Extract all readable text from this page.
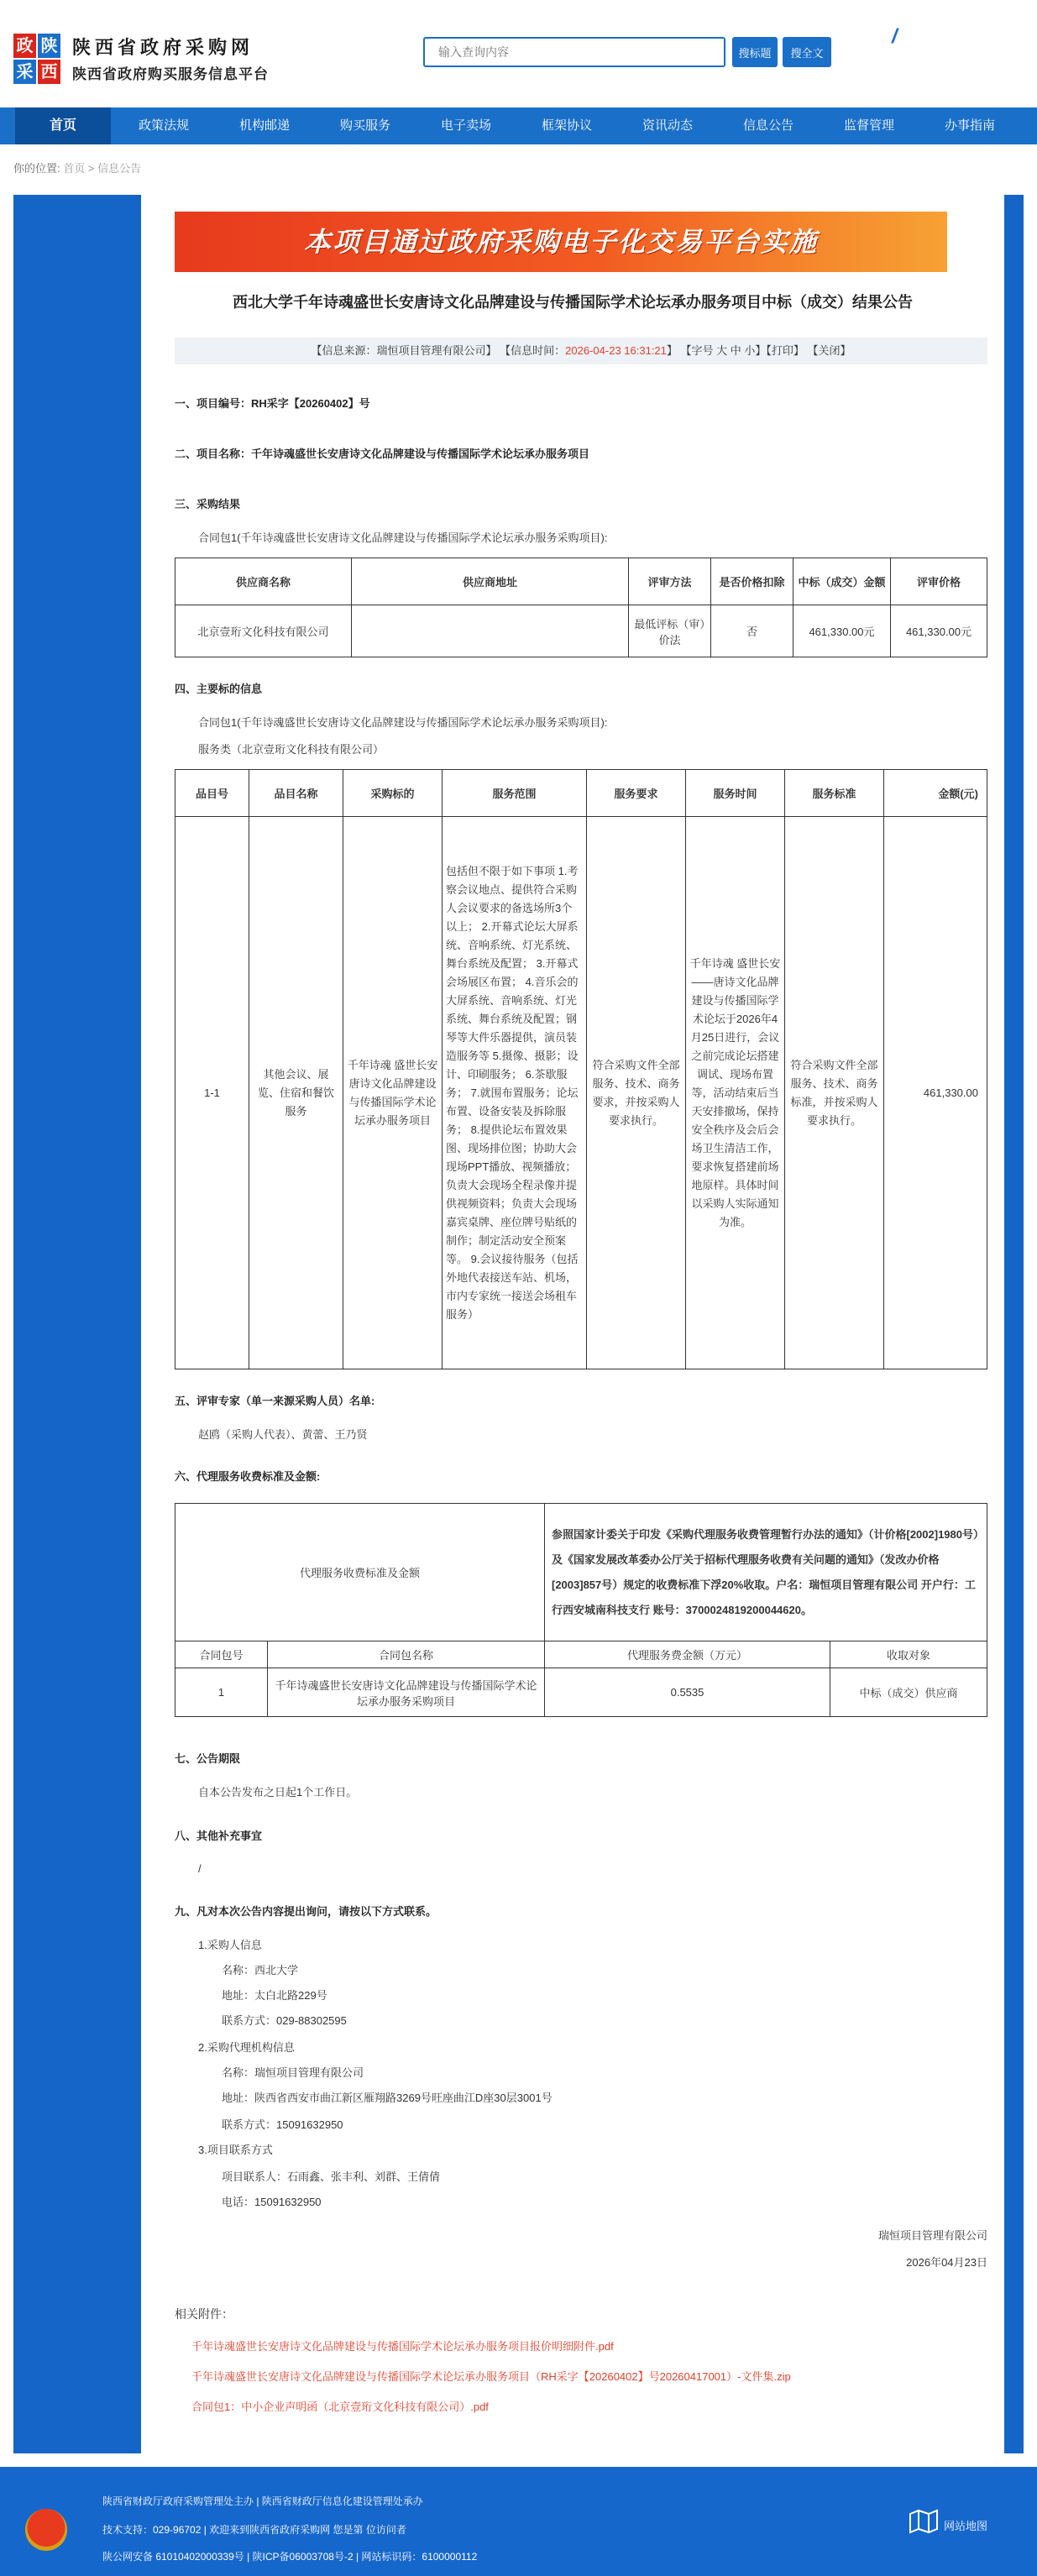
政 陕
采 西
陕西省政府采购网
陕西省政府购买服务信息平台
输入查询内容
搜标题	搜全文
/
首页	政策法规	机构邮递	购买服务	电子卖场	框架协议	资讯动态	信息公告	监督管理	办事指南
你的位置: 首页 > 信息公告
本项目通过政府采购电子化交易平台实施
西北大学千年诗魂盛世长安唐诗文化品牌建设与传播国际学术论坛承办服务项目中标（成交）结果公告
【信息来源：瑞恒项目管理有限公司】 【信息时间：2026-04-23 16:31:21】 【字号 大 中 小】【打印】 【关闭】
一、项目编号：RH采字【20260402】号
二、项目名称：千年诗魂盛世长安唐诗文化品牌建设与传播国际学术论坛承办服务项目
三、采购结果
合同包1(千年诗魂盛世长安唐诗文化品牌建设与传播国际学术论坛承办服务采购项目):
供应商名称	供应商地址	评审方法	是否价格扣除	中标（成交）金额	评审价格
北京壹珩文化科技有限公司		最低评标（审）价法	否	461,330.00元	461,330.00元
四、主要标的信息
合同包1(千年诗魂盛世长安唐诗文化品牌建设与传播国际学术论坛承办服务采购项目):
服务类（北京壹珩文化科技有限公司）
品目号	品目名称	采购标的	服务范围	服务要求	服务时间	服务标准	金额(元)
1-1	其他会议、展览、住宿和餐饮服务	千年诗魂 盛世长安 唐诗文化品牌建设与传播国际学术论坛承办服务项目	包括但不限于如下事项 1.考察会议地点、提供符合采购人会议要求的备选场所3个以上； 2.开幕式论坛大屏系统、音响系统、灯光系统、舞台系统及配置； 3.开幕式会场展区布置； 4.音乐会的大屏系统、音响系统、灯光系统、舞台系统及配置；钢琴等大件乐器提供，演员装造服务等 5.摄像、摄影；设计、印刷服务； 6.茶歇服务； 7.就围布置服务；论坛布置、设备安装及拆除服务； 8.提供论坛布置效果图、现场排位图；协助大会现场PPT播放、视频播放；负责大会现场全程录像并提供视频资料；负责大会现场嘉宾桌牌、座位牌号贴纸的制作；制定活动安全预案等。 9.会议接待服务（包括外地代表接送车站、机场，市内专家统一接送会场租车服务）	符合采购文件全部服务、技术、商务要求，并按采购人要求执行。	千年诗魂 盛世长安——唐诗文化品牌建设与传播国际学术论坛于2026年4月25日进行，会议之前完成论坛搭建调试、现场布置等，活动结束后当天安排撤场，保持安全秩序及会后会场卫生清洁工作，要求恢复搭建前场地原样。具体时间以采购人实际通知为准。	符合采购文件全部服务、技术、商务标准，并按采购人要求执行。	461,330.00
五、评审专家（单一来源采购人员）名单:
赵鸥（采购人代表）、黄蕾、王乃贤
六、代理服务收费标准及金额:
代理服务收费标准及金额		参照国家计委关于印发《采购代理服务收费管理暂行办法的通知》（计价格[2002]1980号）及《国家发展改革委办公厅关于招标代理服务收费有关问题的通知》（发改办价格[2003]857号）规定的收费标准下浮20%收取。户名：瑞恒项目管理有限公司 开户行：工行西安城南科技支行 账号：3700024819200044620。	
合同包号	合同包名称	代理服务费金额（万元）	收取对象
1	千年诗魂盛世长安唐诗文化品牌建设与传播国际学术论坛承办服务采购项目	0.5535	中标（成交）供应商
七、公告期限
自本公告发布之日起1个工作日。
八、其他补充事宜
/
九、凡对本次公告内容提出询问，请按以下方式联系。
1.采购人信息
名称：西北大学
地址：太白北路229号
联系方式：029-88302595
2.采购代理机构信息
名称：瑞恒项目管理有限公司
地址：陕西省西安市曲江新区雁翔路3269号旺座曲江D座30层3001号
联系方式：15091632950
3.项目联系方式
项目联系人：石雨鑫、张丰利、刘群、王倩倩
电话：15091632950
瑞恒项目管理有限公司
2026年04月23日
相关附件：
千年诗魂盛世长安唐诗文化品牌建设与传播国际学术论坛承办服务项目报价明细附件.pdf
千年诗魂盛世长安唐诗文化品牌建设与传播国际学术论坛承办服务项目（RH采字【20260402】号20260417001）-文件集.zip
合同包1：中小企业声明函（北京壹珩文化科技有限公司）.pdf
陕西省财政厅政府采购管理处主办 | 陕西省财政厅信息化建设管理处承办
技术支持：029-96702 | 欢迎来到陕西省政府采购网 您是第 位访问者
陕公网安备 61010402000339号 | 陕ICP备06003708号-2 | 网站标识码：6100000112
网站地图
